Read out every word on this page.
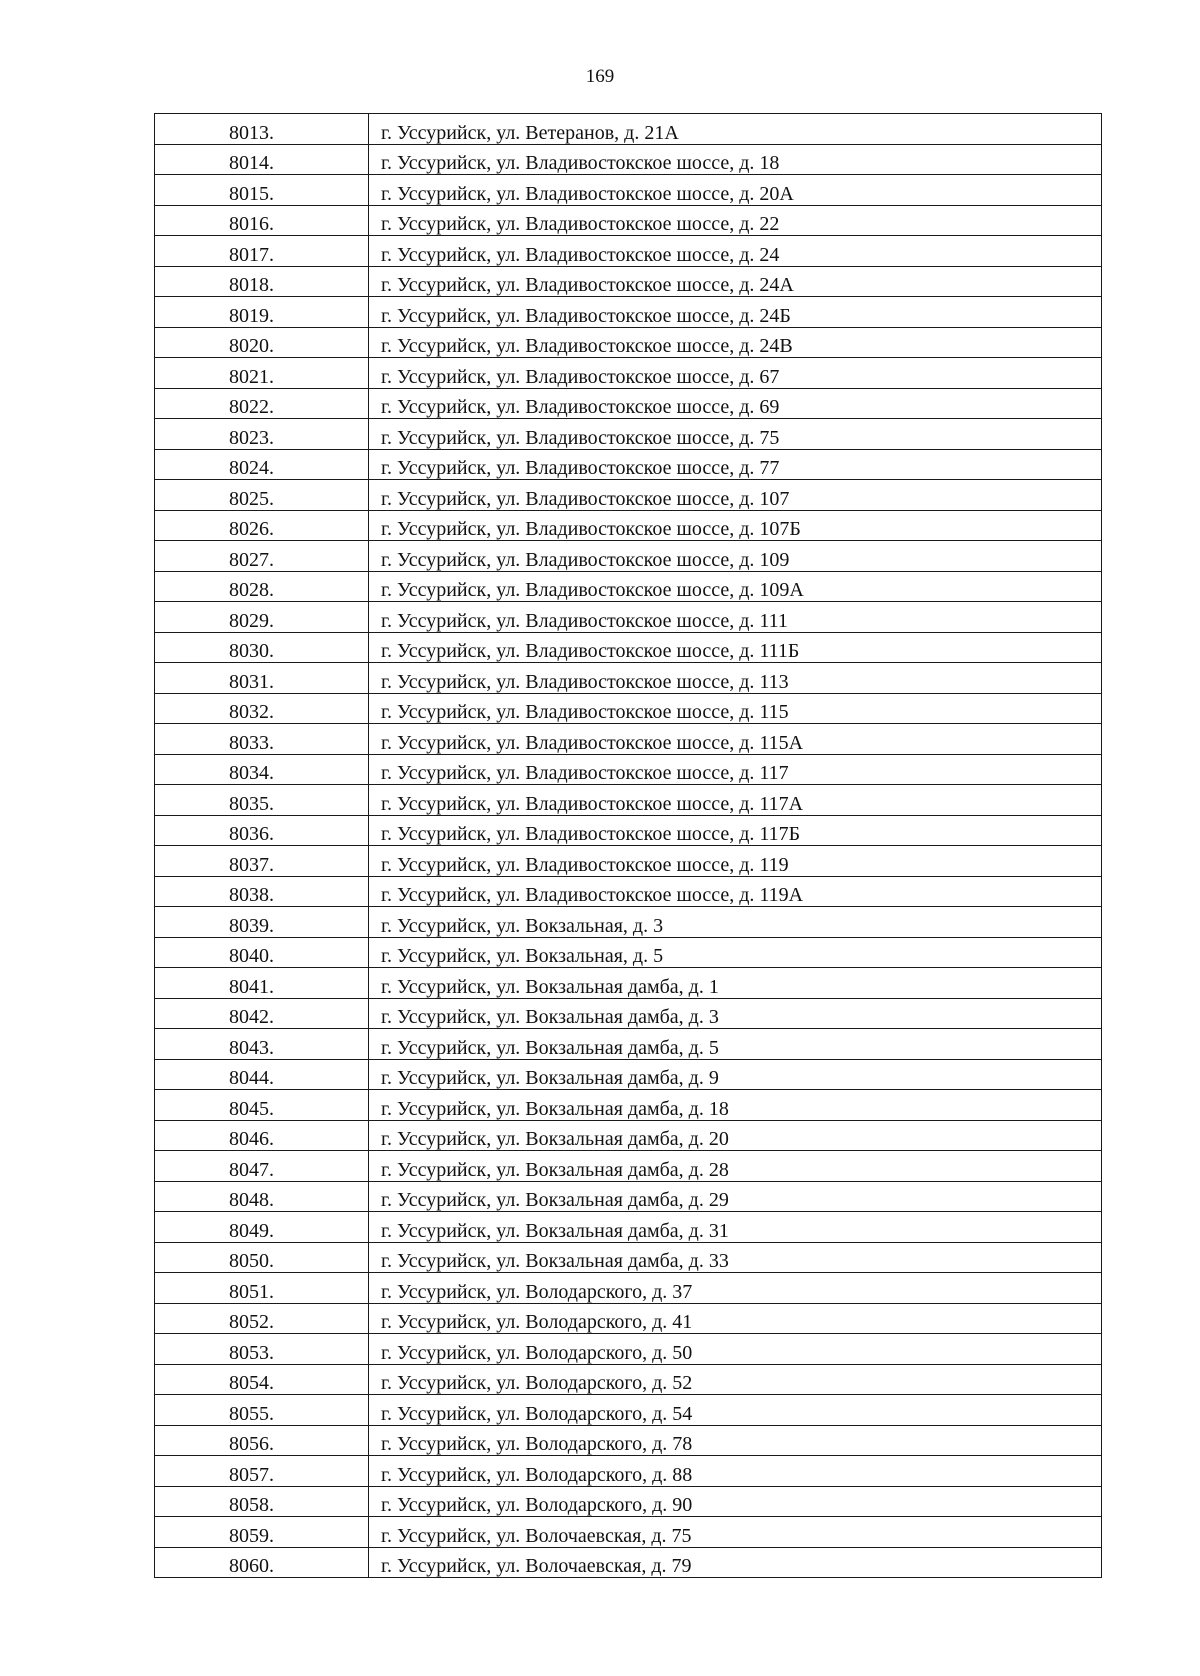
169
8013.	г. Уссурийск, ул. Ветеранов, д. 21А
8014.	г. Уссурийск, ул. Владивостокское шоссе, д. 18
8015.	г. Уссурийск, ул. Владивостокское шоссе, д. 20А
8016.	г. Уссурийск, ул. Владивостокское шоссе, д. 22
8017.	г. Уссурийск, ул. Владивостокское шоссе, д. 24
8018.	г. Уссурийск, ул. Владивостокское шоссе, д. 24А
8019.	г. Уссурийск, ул. Владивостокское шоссе, д. 24Б
8020.	г. Уссурийск, ул. Владивостокское шоссе, д. 24В
8021.	г. Уссурийск, ул. Владивостокское шоссе, д. 67
8022.	г. Уссурийск, ул. Владивостокское шоссе, д. 69
8023.	г. Уссурийск, ул. Владивостокское шоссе, д. 75
8024.	г. Уссурийск, ул. Владивостокское шоссе, д. 77
8025.	г. Уссурийск, ул. Владивостокское шоссе, д. 107
8026.	г. Уссурийск, ул. Владивостокское шоссе, д. 107Б
8027.	г. Уссурийск, ул. Владивостокское шоссе, д. 109
8028.	г. Уссурийск, ул. Владивостокское шоссе, д. 109А
8029.	г. Уссурийск, ул. Владивостокское шоссе, д. 111
8030.	г. Уссурийск, ул. Владивостокское шоссе, д. 111Б
8031.	г. Уссурийск, ул. Владивостокское шоссе, д. 113
8032.	г. Уссурийск, ул. Владивостокское шоссе, д. 115
8033.	г. Уссурийск, ул. Владивостокское шоссе, д. 115А
8034.	г. Уссурийск, ул. Владивостокское шоссе, д. 117
8035.	г. Уссурийск, ул. Владивостокское шоссе, д. 117А
8036.	г. Уссурийск, ул. Владивостокское шоссе, д. 117Б
8037.	г. Уссурийск, ул. Владивостокское шоссе, д. 119
8038.	г. Уссурийск, ул. Владивостокское шоссе, д. 119А
8039.	г. Уссурийск, ул. Вокзальная, д. 3
8040.	г. Уссурийск, ул. Вокзальная, д. 5
8041.	г. Уссурийск, ул. Вокзальная дамба, д. 1
8042.	г. Уссурийск, ул. Вокзальная дамба, д. 3
8043.	г. Уссурийск, ул. Вокзальная дамба, д. 5
8044.	г. Уссурийск, ул. Вокзальная дамба, д. 9
8045.	г. Уссурийск, ул. Вокзальная дамба, д. 18
8046.	г. Уссурийск, ул. Вокзальная дамба, д. 20
8047.	г. Уссурийск, ул. Вокзальная дамба, д. 28
8048.	г. Уссурийск, ул. Вокзальная дамба, д. 29
8049.	г. Уссурийск, ул. Вокзальная дамба, д. 31
8050.	г. Уссурийск, ул. Вокзальная дамба, д. 33
8051.	г. Уссурийск, ул. Володарского, д. 37
8052.	г. Уссурийск, ул. Володарского, д. 41
8053.	г. Уссурийск, ул. Володарского, д. 50
8054.	г. Уссурийск, ул. Володарского, д. 52
8055.	г. Уссурийск, ул. Володарского, д. 54
8056.	г. Уссурийск, ул. Володарского, д. 78
8057.	г. Уссурийск, ул. Володарского, д. 88
8058.	г. Уссурийск, ул. Володарского, д. 90
8059.	г. Уссурийск, ул. Волочаевская, д. 75
8060.	г. Уссурийск, ул. Волочаевская, д. 79
